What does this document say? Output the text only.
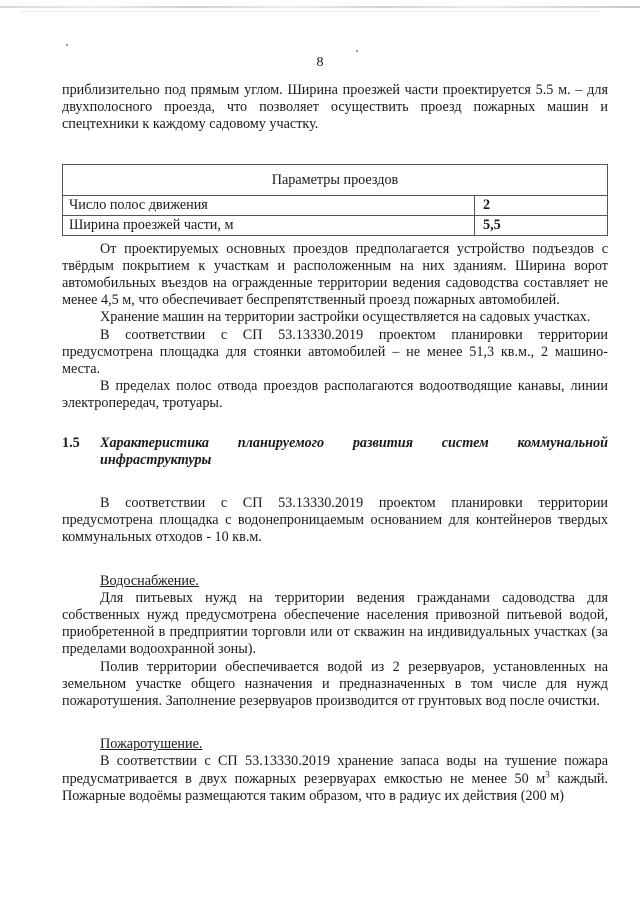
8

приблизительно под прямым углом. Ширина проезжей части проектируется 5.5 м. – для двухполосного проезда, что позволяет осуществить проезд пожарных машин и спецтехники к каждому садовому участку.

Параметры проездов	
Число полос движения	2
Ширина проезжей части, м	5,5

От проектируемых основных проездов предполагается устройство подъездов с твёрдым покрытием к участкам и расположенным на них зданиям. Ширина ворот автомобильных въездов на огражденные территории ведения садоводства составляет не менее 4,5 м, что обеспечивает беспрепятственный проезд пожарных автомобилей.

Хранение машин на территории застройки осуществляется на садовых участках.

В соответствии с СП 53.13330.2019 проектом планировки территории предусмотрена площадка для стоянки автомобилей – не менее 51,3 кв.м., 2 машино-места.

В пределах полос отвода проездов располагаются водоотводящие канавы, линии электропередач, тротуары.

1.5	Характеристика планируемого развития систем коммунальной инфраструктуры

В соответствии с СП 53.13330.2019 проектом планировки территории предусмотрена площадка с водонепроницаемым основанием для контейнеров твердых коммунальных отходов - 10 кв.м.

Водоснабжение.

Для питьевых нужд на территории ведения гражданами садоводства для собственных нужд предусмотрена обеспечение населения привозной питьевой водой, приобретенной в предприятии торговли или от скважин на индивидуальных участках (за пределами водоохранной зоны).

Полив территории обеспечивается водой из 2 резервуаров, установленных на земельном участке общего назначения и предназначенных в том числе для нужд пожаротушения. Заполнение резервуаров производится от грунтовых вод после очистки.

Пожаротушение.

В соответствии с СП 53.13330.2019 хранение запаса воды на тушение пожара предусматривается в двух пожарных резервуарах емкостью не менее 50 $м^3$ каждый. Пожарные водоёмы размещаются таким образом, что в радиус их действия (200 м)
